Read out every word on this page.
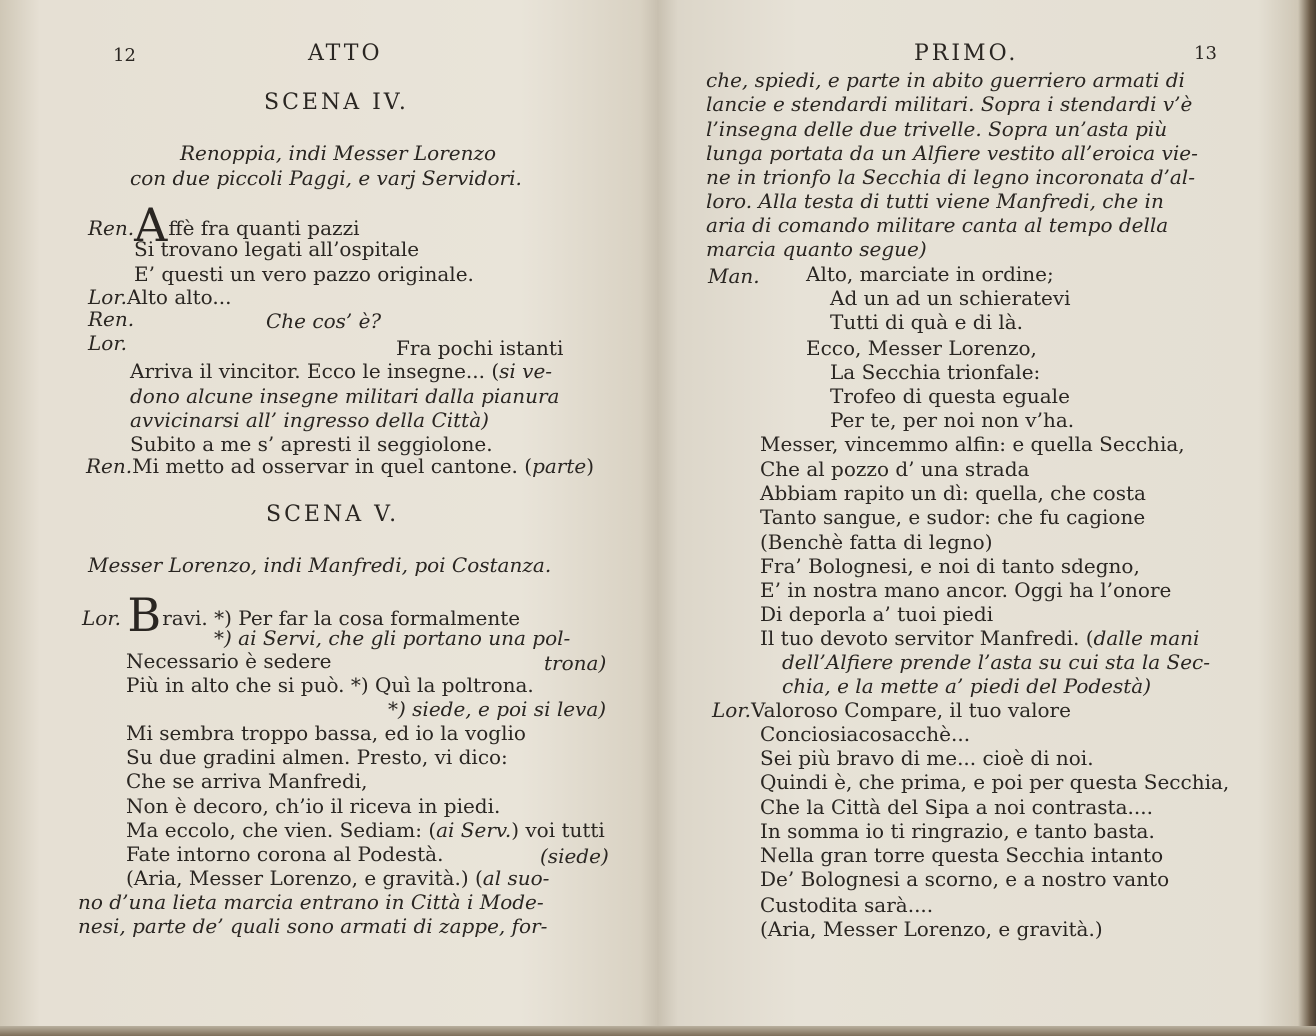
12	ATTO
SCENA IV.
Renoppia, indi Messer Lorenzo
con due piccoli Paggi, e varj Servidori.
Ren.Affè fra quanti pazzi
Si trovano legati all’ospitale
E’ questi un vero pazzo originale.
Lor.Alto alto...
Ren.	Che cos’ è?
Lor.	Fra pochi istanti
Arriva il vincitor. Ecco le insegne... (si ve-
dono alcune insegne militari dalla pianura
avvicinarsi all’ ingresso della Città)
Subito a me s’ apresti il seggiolone.
Ren.Mi metto ad osservar in quel cantone. (parte)
SCENA V.
Messer Lorenzo, indi Manfredi, poi Costanza.
Lor. Bravi. *) Per far la cosa formalmente
*) ai Servi, che gli portano una pol-
Necessario è sedere	trona)
Più in alto che si può. *) Quì la poltrona.
*) siede, e poi si leva)
Mi sembra troppo bassa, ed io la voglio
Su due gradini almen. Presto, vi dico:
Che se arriva Manfredi,
Non è decoro, ch’io il riceva in piedi.
Ma eccolo, che vien. Sediam: (ai Serv.) voi tutti
Fate intorno corona al Podestà.	(siede)
(Aria, Messer Lorenzo, e gravità.) (al suo-
no d’una lieta marcia entrano in Città i Mode-
nesi, parte de’ quali sono armati di zappe, for-
PRIMO.	13
che, spiedi, e parte in abito guerriero armati di
lancie e stendardi militari. Sopra i stendardi v’è
l’insegna delle due trivelle. Sopra un’asta più
lunga portata da un Alfiere vestito all’eroica vie-
ne in trionfo la Secchia di legno incoronata d’al-
loro. Alla testa di tutti viene Manfredi, che in
aria di comando militare canta al tempo della
marcia quanto segue)
Man. Alto, marciate in ordine;
Ad un ad un schieratevi
Tutti di quà e di là.
Ecco, Messer Lorenzo,
La Secchia trionfale:
Trofeo di questa eguale
Per te, per noi non v’ha.
Messer, vincemmo alfin: e quella Secchia,
Che al pozzo d’ una strada
Abbiam rapito un dì: quella, che costa
Tanto sangue, e sudor: che fu cagione
(Benchè fatta di legno)
Fra’ Bolognesi, e noi di tanto sdegno,
E’ in nostra mano ancor. Oggi ha l’onore
Di deporla a’ tuoi piedi
Il tuo devoto servitor Manfredi. (dalle mani
dell’Alfiere prende l’asta su cui sta la Sec-
chia, e la mette a’ piedi del Podestà)
Lor.Valoroso Compare, il tuo valore
Conciosiacosacchè...
Sei più bravo di me... cioè di noi.
Quindi è, che prima, e poi per questa Secchia,
Che la Città del Sipa a noi contrasta....
In somma io ti ringrazio, e tanto basta.
Nella gran torre questa Secchia intanto
De’ Bolognesi a scorno, e a nostro vanto
Custodita sarà....
(Aria, Messer Lorenzo, e gravità.)
